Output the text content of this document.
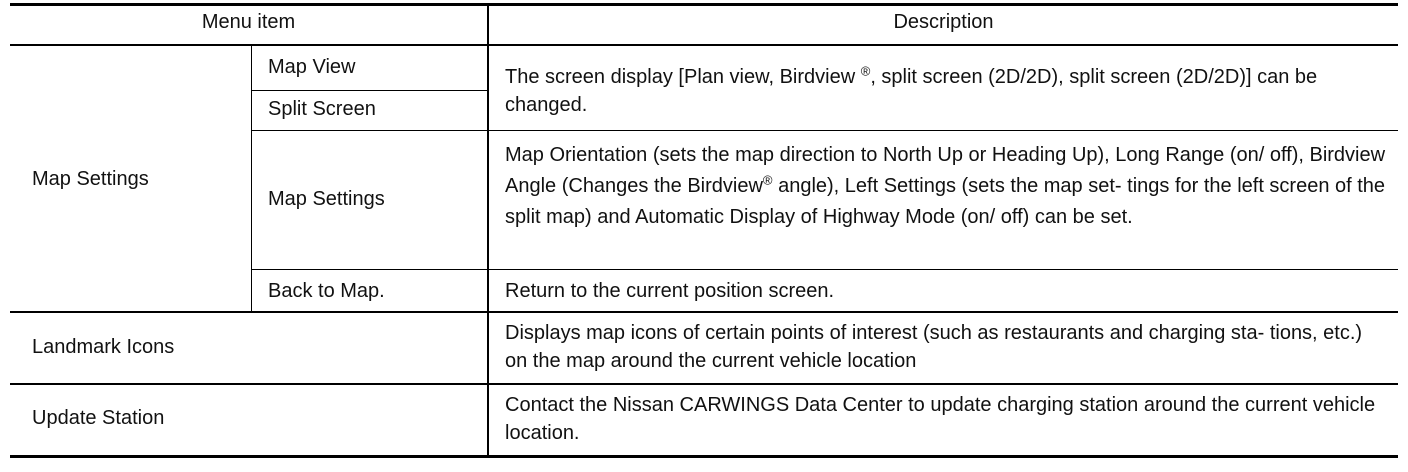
Menu item	Description
Map Settings
Map View
Split Screen
The screen display [Plan view, Birdview ®, split screen (2D/2D), split screen (2D/2D)] can be changed.
Map Settings
Map Orientation (sets the map direction to North Up or Heading Up), Long Range (on/ off), Birdview Angle (Changes the Birdview® angle), Left Settings (sets the map set- tings for the left screen of the split map) and Automatic Display of Highway Mode (on/ off) can be set.
Back to Map.	Return to the current position screen.
Landmark Icons
Displays map icons of certain points of interest (such as restaurants and charging sta- tions, etc.) on the map around the current vehicle location
Update Station
Contact the Nissan CARWINGS Data Center to update charging station around the current vehicle location.
